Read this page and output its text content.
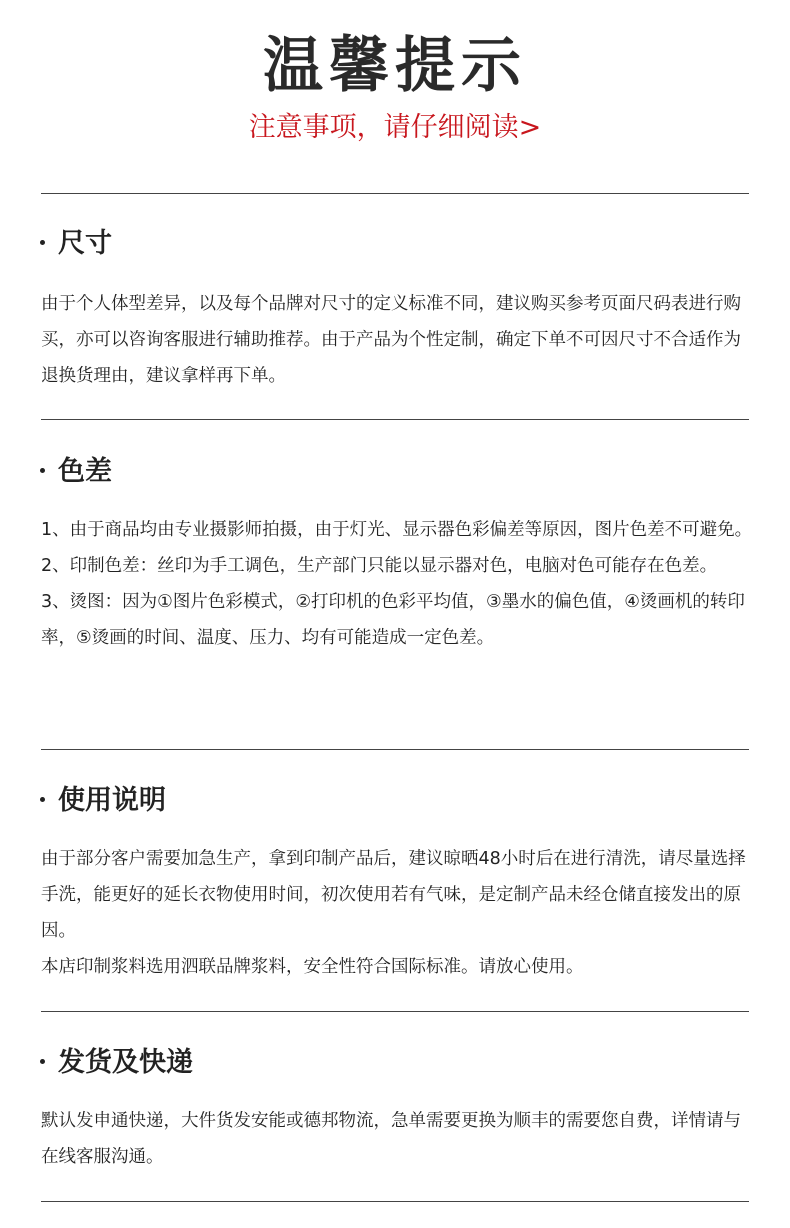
温馨提示
注意事项，请仔细阅读>
尺寸

由于个人体型差异，以及每个品牌对尺寸的定义标准不同，建议购买参考页面尺码表进行购买，亦可以咨询客服进行辅助推荐。由于产品为个性定制，确定下单不可因尺寸不合适作为退换货理由，建议拿样再下单。

色差

1、由于商品均由专业摄影师拍摄，由于灯光、显示器色彩偏差等原因，图片色差不可避免。

2、印制色差：丝印为手工调色，生产部门只能以显示器对色，电脑对色可能存在色差。

3、烫图：因为①图片色彩模式，②打印机的色彩平均值，③墨水的偏色值，④烫画机的转印率，⑤烫画的时间、温度、压力、均有可能造成一定色差。

使用说明

由于部分客户需要加急生产，拿到印制产品后，建议晾晒48小时后在进行清洗，请尽量选择手洗，能更好的延长衣物使用时间，初次使用若有气味，是定制产品未经仓储直接发出的原因。

本店印制浆料选用泗联品牌浆料，安全性符合国际标准。请放心使用。

发货及快递

默认发申通快递，大件货发安能或德邦物流，急单需要更换为顺丰的需要您自费，详情请与在线客服沟通。
